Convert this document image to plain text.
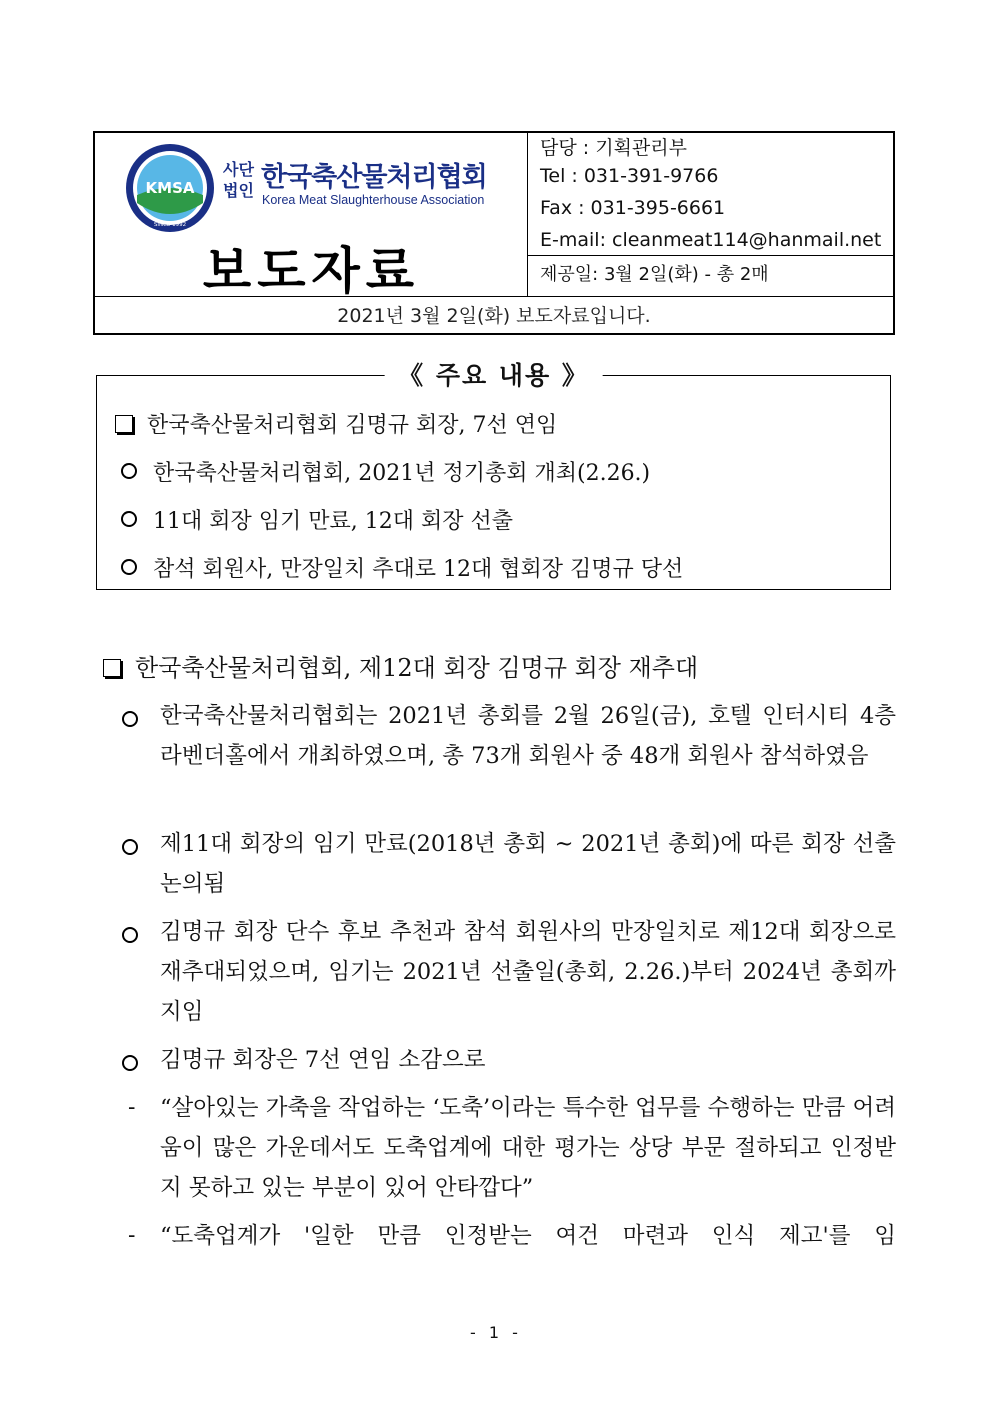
KMSA
SINCE 1992
사단법인 한국축산물처리협회
Korea Meat Slaughterhouse Association
보도자료
담당 : 기획관리부
Tel : 031-391-9766
Fax : 031-395-6661
E-mail: cleanmeat114@hanmail.net
제공일: 3월 2일(화) - 총 2매
2021년 3월 2일(화) 보도자료입니다.
《 주요 내용 》
한국축산물처리협회 김명규 회장, 7선 연임
한국축산물처리협회, 2021년 정기총회 개최(2.26.)
11대 회장 임기 만료, 12대 회장 선출
참석 회원사, 만장일치 추대로 12대 협회장 김명규 당선
한국축산물처리협회, 제12대 회장 김명규 회장 재추대
한국축산물처리협회는 2021년 총회를 2월 26일(금), 호텔 인터시티 4층 라벤더홀에서 개최하였으며, 총 73개 회원사 중 48개 회원사 참석하였음
제11대 회장의 임기 만료(2018년 총회 ~ 2021년 총회)에 따른 회장 선출 논의됨
김명규 회장 단수 후보 추천과 참석 회원사의 만장일치로 제12대 회장으로 재추대되었으며, 임기는 2021년 선출일(총회, 2.26.)부터 2024년 총회까지임
김명규 회장은 7선 연임 소감으로
- “살아있는 가축을 작업하는 ‘도축’이라는 특수한 업무를 수행하는 만큼 어려움이 많은 가운데서도 도축업계에 대한 평가는 상당 부문 절하되고 인정받지 못하고 있는 부분이 있어 안타깝다”
- “도축업계가 '일한 만큼 인정받는 여건 마련과 인식 제고'를 임
- 1 -
